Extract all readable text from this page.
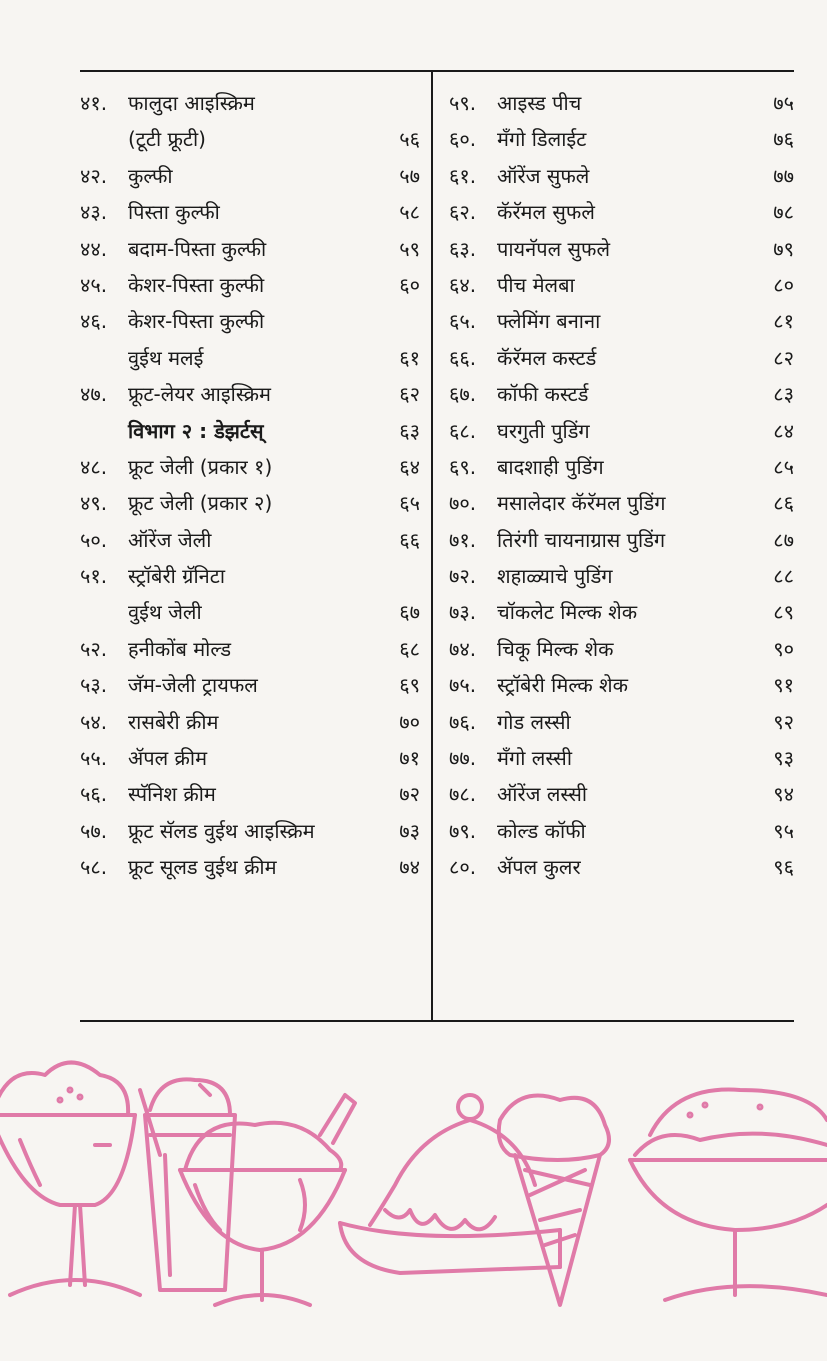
४१. फालुदा आइस्क्रिम
(टूटी फ्रूटी)	५६
४२. कुल्फी	५७
४३. पिस्ता कुल्फी	५८
४४. बदाम-पिस्ता कुल्फी	५९
४५. केशर-पिस्ता कुल्फी	६०
४६. केशर-पिस्ता कुल्फी
वुईथ मलई	६१
४७. फ्रूट-लेयर आइस्क्रिम	६२
विभाग २ : डेझर्टस्	६३
४८. फ्रूट जेली (प्रकार १)	६४
४९. फ्रूट जेली (प्रकार २)	६५
५०. ऑरेंज जेली	६६
५१. स्ट्रॉबेरी ग्रॅनिटा
वुईथ जेली	६७
५२. हनीकोंब मोल्ड	६८
५३. जॅम-जेली ट्रायफल	६९
५४. रासबेरी क्रीम	७०
५५. ॲपल क्रीम	७१
५६. स्पॅनिश क्रीम	७२
५७. फ्रूट सॅलड वुईथ आइस्क्रिम	७३
५८. फ्रूट सूलड वुईथ क्रीम	७४
५९. आइस्ड पीच	७५
६०. मँगो डिलाईट	७६
६१. ऑरेंज सुफले	७७
६२. कॅरॅमल सुफले	७८
६३. पायनॅपल सुफले	७९
६४. पीच मेलबा	८०
६५. फ्लेमिंग बनाना	८१
६६. कॅरॅमल कस्टर्ड	८२
६७. कॉफी कस्टर्ड	८३
६८. घरगुती पुडिंग	८४
६९. बादशाही पुडिंग	८५
७०. मसालेदार कॅरॅमल पुडिंग	८६
७१. तिरंगी चायनाग्रास पुडिंग	८७
७२. शहाळ्याचे पुडिंग	८८
७३. चॉकलेट मिल्क शेक	८९
७४. चिकू मिल्क शेक	९०
७५. स्ट्रॉबेरी मिल्क शेक	९१
७६. गोड लस्सी	९२
७७. मँगो लस्सी	९३
७८. ऑरेंज लस्सी	९४
७९. कोल्ड कॉफी	९५
८०. ॲपल कुलर	९६
